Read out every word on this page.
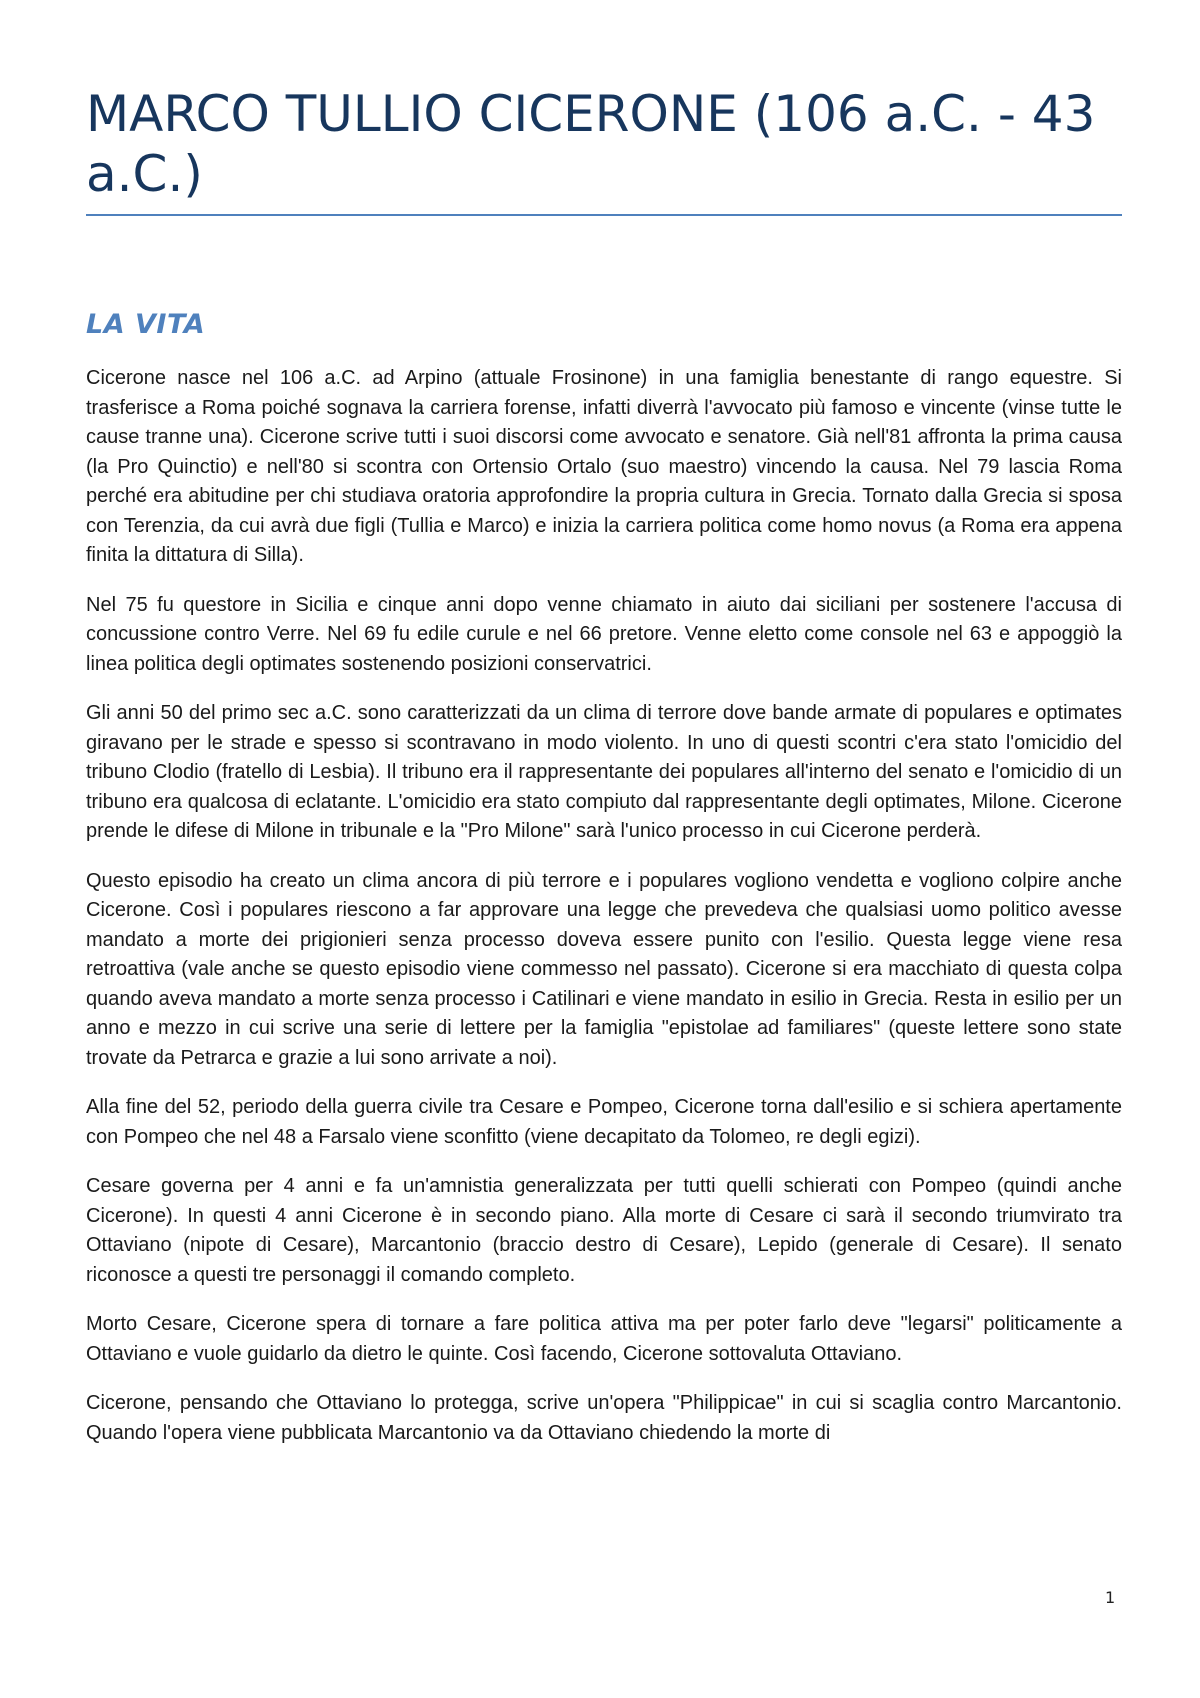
MARCO TULLIO CICERONE (106 a.C. - 43 a.C.)
LA VITA

Cicerone nasce nel 106 a.C. ad Arpino (attuale Frosinone) in una famiglia benestante di rango equestre. Si trasferisce a Roma poiché sognava la carriera forense, infatti diverrà l'avvocato più famoso e vincente (vinse tutte le cause tranne una). Cicerone scrive tutti i suoi discorsi come avvocato e senatore. Già nell'81 affronta la prima causa (la Pro Quinctio) e nell'80 si scontra con Ortensio Ortalo (suo maestro) vincendo la causa. Nel 79 lascia Roma perché era abitudine per chi studiava oratoria approfondire la propria cultura in Grecia. Tornato dalla Grecia si sposa con Terenzia, da cui avrà due figli (Tullia e Marco) e inizia la carriera politica come homo novus (a Roma era appena finita la dittatura di Silla).

Nel 75 fu questore in Sicilia e cinque anni dopo venne chiamato in aiuto dai siciliani per sostenere l'accusa di concussione contro Verre. Nel 69 fu edile curule e nel 66 pretore. Venne eletto come console nel 63 e appoggiò la linea politica degli optimates sostenendo posizioni conservatrici.

Gli anni 50 del primo sec a.C. sono caratterizzati da un clima di terrore dove bande armate di populares e optimates giravano per le strade e spesso si scontravano in modo violento. In uno di questi scontri c'era stato l'omicidio del tribuno Clodio (fratello di Lesbia). Il tribuno era il rappresentante dei populares all'interno del senato e l'omicidio di un tribuno era qualcosa di eclatante. L'omicidio era stato compiuto dal rappresentante degli optimates, Milone. Cicerone prende le difese di Milone in tribunale e la "Pro Milone" sarà l'unico processo in cui Cicerone perderà.

Questo episodio ha creato un clima ancora di più terrore e i populares vogliono vendetta e vogliono colpire anche Cicerone. Così i populares riescono a far approvare una legge che prevedeva che qualsiasi uomo politico avesse mandato a morte dei prigionieri senza processo doveva essere punito con l'esilio. Questa legge viene resa retroattiva (vale anche se questo episodio viene commesso nel passato). Cicerone si era macchiato di questa colpa quando aveva mandato a morte senza processo i Catilinari e viene mandato in esilio in Grecia. Resta in esilio per un anno e mezzo in cui scrive una serie di lettere per la famiglia "epistolae ad familiares" (queste lettere sono state trovate da Petrarca e grazie a lui sono arrivate a noi).

Alla fine del 52, periodo della guerra civile tra Cesare e Pompeo, Cicerone torna dall'esilio e si schiera apertamente con Pompeo che nel 48 a Farsalo viene sconfitto (viene decapitato da Tolomeo, re degli egizi).

Cesare governa per 4 anni e fa un'amnistia generalizzata per tutti quelli schierati con Pompeo (quindi anche Cicerone). In questi 4 anni Cicerone è in secondo piano. Alla morte di Cesare ci sarà il secondo triumvirato tra Ottaviano (nipote di Cesare), Marcantonio (braccio destro di Cesare), Lepido (generale di Cesare). Il senato riconosce a questi tre personaggi il comando completo.

Morto Cesare, Cicerone spera di tornare a fare politica attiva ma per poter farlo deve "legarsi" politicamente a Ottaviano e vuole guidarlo da dietro le quinte. Così facendo, Cicerone sottovaluta Ottaviano.

Cicerone, pensando che Ottaviano lo protegga, scrive un'opera "Philippicae" in cui si scaglia contro Marcantonio. Quando l'opera viene pubblicata Marcantonio va da Ottaviano chiedendo la morte di

1
